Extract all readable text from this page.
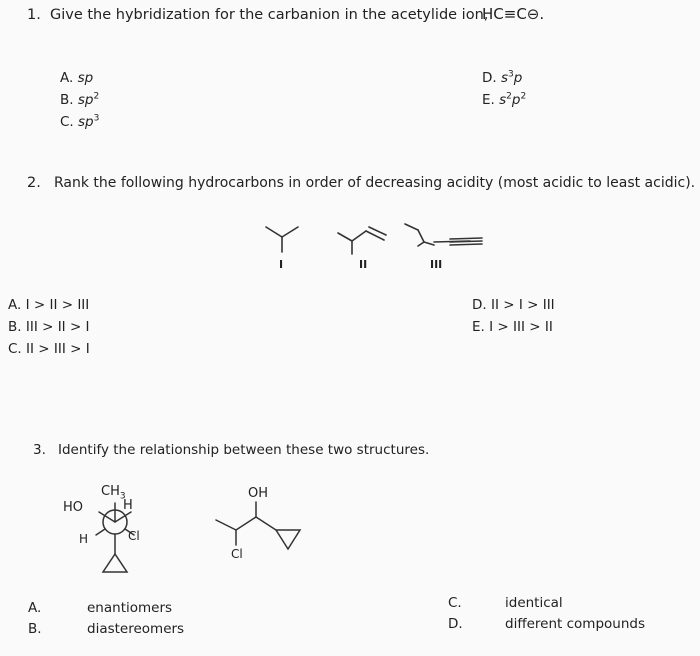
1. Give the hybridization for the carbanion in the acetylide ion,
HC≡C⊖.
A. sp
B. $sp^2$
C. $sp^3$
D. $s^3p$
E. $s^2p^2$
2. Rank the following hydrocarbons in order of decreasing acidity (most acidic to least acidic).
I	II	III
A. I > II > III
B. III > II > I
C. II > III > I
D. II > I > III
E. I > III > II
3. Identify the relationship between these two structures.
$CH_3$
HO	H
H	Cl
OH
Cl
A.	enantiomers
B.	diastereomers
C.	identical
D.	different compounds
